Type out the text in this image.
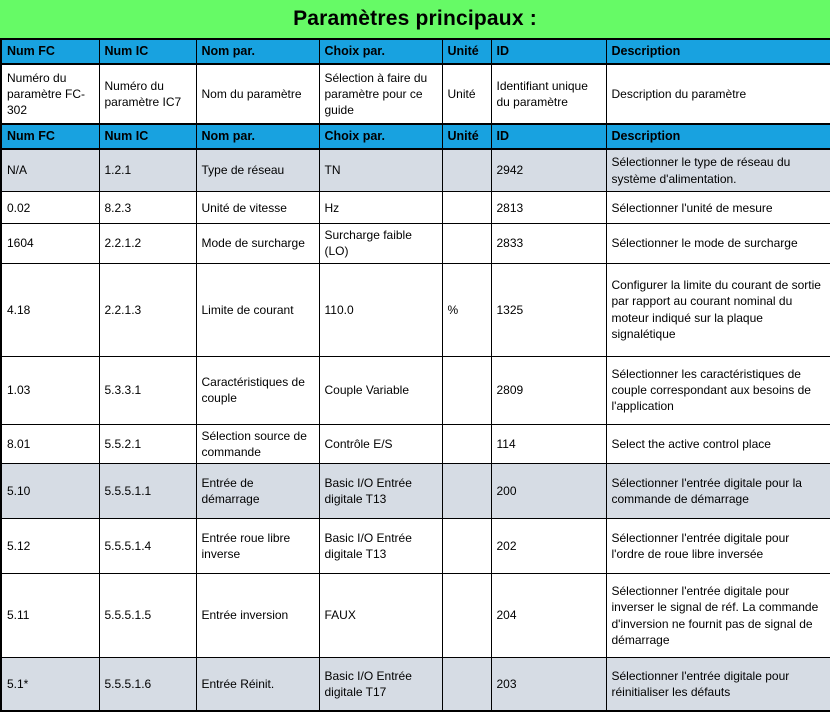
Paramètres principaux :
Num FC	Num IC	Nom par.	Choix par.	Unité	ID	Description
Numéro du paramètre FC-302	Numéro du paramètre IC7	Nom du paramètre	Sélection à faire du paramètre pour ce guide	Unité	Identifiant unique du paramètre	Description du paramètre
Num FC	Num IC	Nom par.	Choix par.	Unité	ID	Description
N/A	1.2.1	Type de réseau	TN		2942	Sélectionner le type de réseau du système d'alimentation.
0.02	8.2.3	Unité de vitesse	Hz		2813	Sélectionner l'unité de mesure
1604	2.2.1.2	Mode de surcharge	Surcharge faible (LO)		2833	Sélectionner le mode de surcharge
4.18	2.2.1.3	Limite de courant	110.0	%	1325	Configurer la limite du courant de sortie par rapport au courant nominal du moteur indiqué sur la plaque signalétique
1.03	5.3.3.1	Caractéristiques de couple	Couple Variable		2809	Sélectionner les caractéristiques de couple correspondant aux besoins de l'application
8.01	5.5.2.1	Sélection source de commande	Contrôle E/S		114	Select the active control place
5.10	5.5.5.1.1	Entrée de démarrage	Basic I/O Entrée digitale T13		200	Sélectionner l'entrée digitale pour la commande de démarrage
5.12	5.5.5.1.4	Entrée roue libre inverse	Basic I/O Entrée digitale T13		202	Sélectionner l'entrée digitale pour l'ordre de roue libre inversée
5.11	5.5.5.1.5	Entrée inversion	FAUX		204	Sélectionner l'entrée digitale pour inverser le signal de réf. La commande d'inversion ne fournit pas de signal de démarrage
5.1*	5.5.5.1.6	Entrée Réinit.	Basic I/O Entrée digitale T17		203	Sélectionner l'entrée digitale pour réinitialiser les défauts
